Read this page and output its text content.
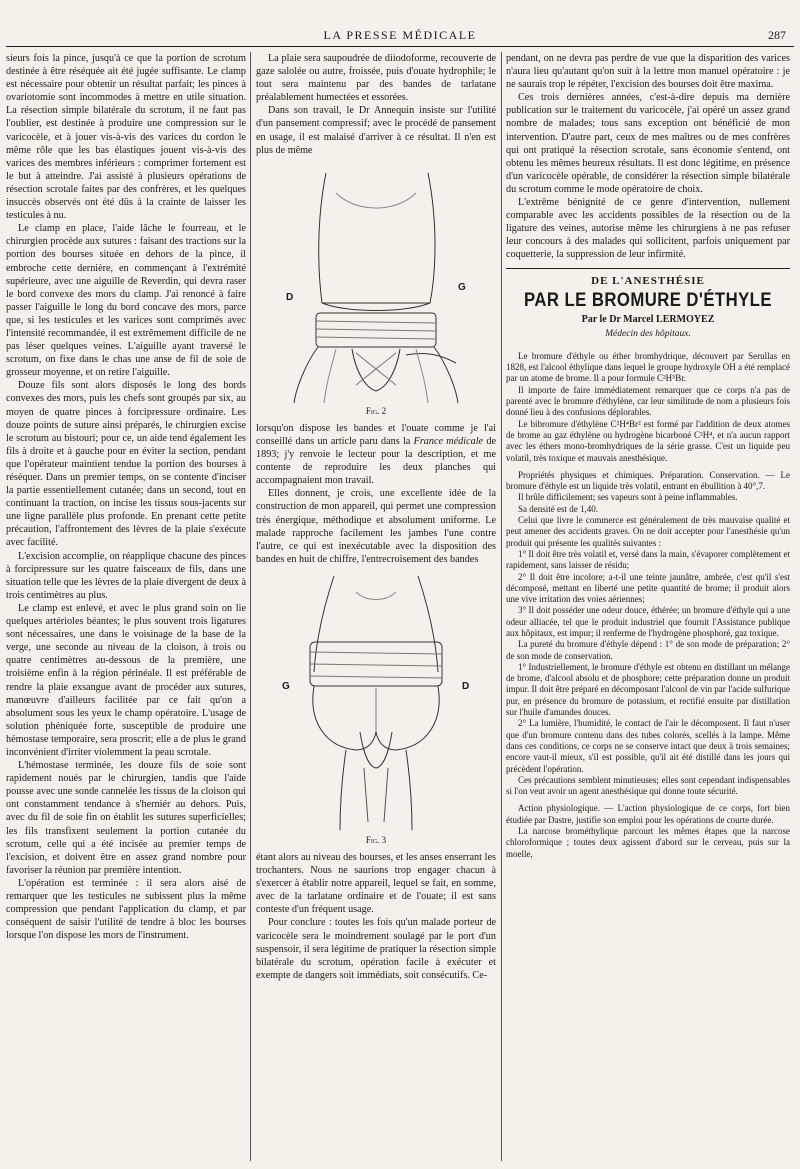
LA PRESSE MÉDICALE	287

sieurs fois la pince, jusqu'à ce que la portion de scrotum destinée à être réséquée ait été jugée suffisante. Le clamp est nécessaire pour obtenir un résultat parfait; les pinces à ovariotomie sont incommodes à mettre en utile situation. La résection simple bilatérale du scrotum, il ne faut pas l'oublier, est destinée à produire une compression sur le varicocèle, et à jouer vis-à-vis des varices du cordon le même rôle que les bas élastiques jouent vis-à-vis des varices des membres inférieurs : comprimer fortement est le but à atteindre. J'ai assisté à plusieurs opérations de résection scrotale faites par des confrères, et les quelques insuccès observés ont été dûs à la crainte de laisser les testicules à nu.

Le clamp en place, l'aide lâche le fourreau, et le chirurgien procède aux sutures : faisant des tractions sur la portion des bourses située en dehors de la pince, il embroche cette dernière, en commençant à l'extrémité supérieure, avec une aiguille de Reverdin, qui devra raser le bord convexe des mors du clamp. J'ai renoncé à faire passer l'aiguille le long du bord concave des mors, parce que, si les testicules et les varices sont comprimés avec l'intensité recommandée, il est extrêmement difficile de ne pas léser quelques veines. L'aiguille ayant traversé le scrotum, on fixe dans le chas une anse de fil de soie de grosseur moyenne, et on retire l'aiguille.

Douze fils sont alors disposés le long des bords convexes des mors, puis les chefs sont groupés par six, au moyen de quatre pinces à forcipressure ordinaire. Les douze points de suture ainsi préparés, le chirurgien excise le scrotum au bistouri; pour ce, un aide tend également les fils à droite et à gauche pour en éviter la section, pendant que l'opérateur maintient tendue la portion des bourses à réséquer. Dans un premier temps, on se contente d'inciser la partie essentiellement cutanée; dans un second, tout en continuant la traction, on incise les tissus sous-jacents sur une ligne parallèle plus profonde. En prenant cette petite précaution, l'affrontement des lèvres de la plaie s'exécute avec facilité.

L'excision accomplie, on réapplique chacune des pinces à forcipressure sur les quatre faisceaux de fils, dans une situation telle que les lèvres de la plaie divergent de deux à trois centimètres au plus.

Le clamp est enlevé, et avec le plus grand soin on lie quelques artérioles béantes; le plus souvent trois ligatures sont nécessaires, une dans le voisinage de la base de la verge, une seconde au niveau de la cloison, à trois ou quatre centimètres au-dessous de la première, une troisième enfin à la région périnéale. Il est préférable de rendre la plaie exsangue avant de procéder aux sutures, manœuvre d'ailleurs facilitée par ce fait qu'on a absolument sous les yeux le champ opératoire. L'usage de solution phéniquée forte, susceptible de produire une hémostase temporaire, sera proscrit; elle a de plus le grand inconvénient d'irriter violemment la peau scrotale.

L'hémostase terminée, les douze fils de soie sont rapidement noués par le chirurgien, tandis que l'aide pousse avec une sonde cannelée les tissus de la cloison qui ont constamment tendance à s'herniér au dehors. Puis, avec du fil de soie fin on établit les sutures superficielles; les fils transfixent seulement la portion cutanée du scrotum, celle qui a été incisée au premier temps de l'excision, et doivent être en assez grand nombre pour favoriser la réunion par première intention.

L'opération est terminée : il sera alors aisé de remarquer que les testicules ne subissent plus la même compression que pendant l'application du clamp, et par conséquent de saisir l'utilité de tendre à bloc les bourses lorsque l'on dispose les mors de l'instrument.

La plaie sera saupoudrée de diiodoforme, recouverte de gaze salolée ou autre, froissée, puis d'ouate hydrophile; le tout sera maintenu par des bandes de tarlatane préalablement humectées et essorées.

Dans son travail, le Dr Annequin insiste sur l'utilité d'un pansement compressif; avec le procédé de pansement en usage, il est malaisé d'arriver à ce résultat. Il n'en est plus de même

D
G
Fig. 2

lorsqu'on dispose les bandes et l'ouate comme je l'ai conseillé dans un article paru dans la France médicale de 1893; j'y renvoie le lecteur pour la description, et me contente de reproduire les deux planches qui accompagnaient mon travail.

Elles donnent, je crois, une excellente idée de la construction de mon appareil, qui permet une compression très énergique, méthodique et absolument uniforme. Le malade rapproche facilement les jambes l'une contre l'autre, ce qui est inexécutable avec la disposition des bandes en huit de chiffre, l'entrecroisement des bandes

G	D
Fig. 3

étant alors au niveau des bourses, et les anses enserrant les trochanters. Nous ne saurions trop engager chacun à s'exercer à établir notre appareil, lequel se fait, en somme, avec de la tarlatane ordinaire et de l'ouate; il est sans conteste d'un fréquent usage.

Pour conclure : toutes les fois qu'un malade porteur de varicocèle sera le moindrement soulagé par le port d'un suspensoir, il sera légitime de pratiquer la résection simple bilatérale du scrotum, opération facile à exécuter et exempte de dangers soit immédiats, soit consécutifs. Ce-

pendant, on ne devra pas perdre de vue que la disparition des varices n'aura lieu qu'autant qu'on suit à la lettre mon manuel opératoire : je ne saurais trop le répéter, l'excision des bourses doit être maxima.

Ces trois dernières années, c'est-à-dire depuis ma dernière publication sur le traitement du varicocèle, j'ai opéré un assez grand nombre de malades; tous sans exception ont bénéficié de mon intervention. D'autre part, ceux de mes maîtres ou de mes confrères qui ont pratiqué la résection scrotale, sans économie s'entend, ont obtenu les mêmes heureux résultats. Il est donc légitime, en présence d'un varicocèle opérable, de considérer la résection simple bilatérale du scrotum comme le mode opératoire de choix.

L'extrême bénignité de ce genre d'intervention, nullement comparable avec les accidents possibles de la résection ou de la ligature des veines, autorise même les chirurgiens à ne pas refuser leur concours à des malades qui sollicitent, parfois uniquement par coquetterie, la suppression de leur infirmité.

DE L'ANESTHÉSIE
PAR LE BROMURE D'ÉTHYLE
Par le Dr Marcel LERMOYEZ
Médecin des hôpitaux.

Le bromure d'éthyle ou éther bromhydrique, découvert par Serullas en 1828, est l'alcool éthylique dans lequel le groupe hydroxyle OH a été remplacé par un atome de brome. Il a pour formule C²H⁵Br.

Il importe de faire immédiatement remarquer que ce corps n'a pas de parenté avec le bromure d'éthylène, car leur similitude de nom a plusieurs fois donné lieu à des confusions déplorables.

Le bibromure d'éthylène C²H⁴Br² est formé par l'addition de deux atomes de brome au gaz éthylène ou hydrogène bicarboné C²H⁴, et n'a aucun rapport avec les éthers mono-bromhydriques de la série grasse. C'est un liquide peu volatil, très toxique et mauvais anesthésique.

Propriétés physiques et chimiques. Préparation. Conservation. — Le bromure d'éthyle est un liquide très volatil, entrant en ébullition à 40°,7.

Il brûle difficilement; ses vapeurs sont à peine inflammables.

Sa densité est de 1,40.

Celui que livre le commerce est généralement de très mauvaise qualité et peut amener des accidents graves. On ne doit accepter pour l'anesthésie qu'un produit qui présente les qualités suivantes :

1° Il doit être très volatil et, versé dans la main, s'évaporer complètement et rapidement, sans laisser de résidu;

2° Il doit être incolore; a-t-il une teinte jaunâtre, ambrée, c'est qu'il s'est décomposé, mettant en liberté une petite quantité de brome; il produit alors une vive irritation des voies aériennes;

3° Il doit posséder une odeur douce, éthérée; un bromure d'éthyle qui a une odeur alliacée, tel que le produit industriel que fournit l'Assistance publique aux hôpitaux, est impur; il renferme de l'hydrogène phosphoré, gaz toxique.

La pureté du bromure d'éthyle dépend : 1° de son mode de préparation; 2° de son mode de conservation.

1° Industriellement, le bromure d'éthyle est obtenu en distillant un mélange de brome, d'alcool absolu et de phosphore; cette préparation donne un produit impur. Il doit être préparé en décomposant l'alcool de vin par l'acide sulfurique pur, en présence du bromure de potassium, et rectifié ensuite par distillation sur l'huile d'amandes douces.

2° La lumière, l'humidité, le contact de l'air le décomposent. Il faut n'user que d'un bromure contenu dans des tubes colorés, scellés à la lampe. Même dans ces conditions, ce corps ne se conserve intact que deux à trois semaines; encore vaut-il mieux, s'il est possible, qu'il ait été distillé dans les jours qui précèdent l'opération.

Ces précautions semblent minutieuses; elles sont cependant indispensables si l'on veut avoir un agent anesthésique qui donne toute sécurité.

Action physiologique. — L'action physiologique de ce corps, fort bien étudiée par Dastre, justifie son emploi pour les opérations de courte durée.

La narcose brométhylique parcourt les mêmes étapes que la narcose chloroformique ; toutes deux agissent d'abord sur le cerveau, puis sur la moelle,
